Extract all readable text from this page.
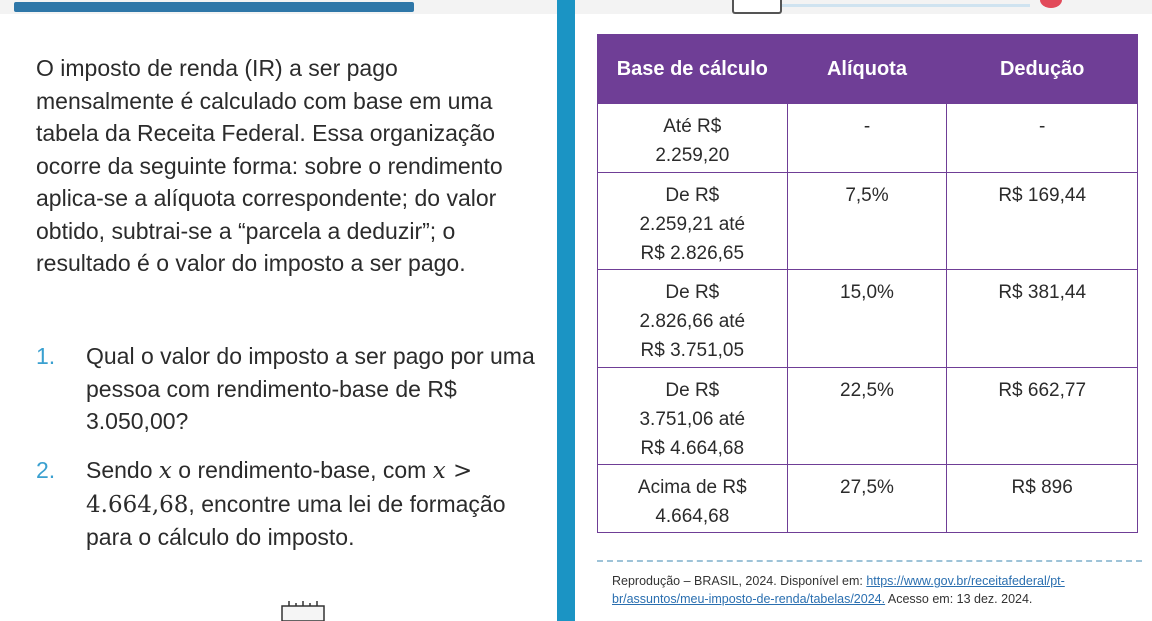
O imposto de renda (IR) a ser pago mensalmente é calculado com base em uma tabela da Receita Federal. Essa organização ocorre da seguinte forma: sobre o rendimento aplica-se a alíquota correspondente; do valor obtido, subtrai-se a “parcela a deduzir”; o resultado é o valor do imposto a ser pago.

1. Qual o valor do imposto a ser pago por uma pessoa com rendimento-base de R$ 3.050,00?
2. Sendo x o rendimento-base, com x > 4.664,68, encontre uma lei de formação para o cálculo do imposto.
Base de cálculo	Alíquota	Dedução
Até R$
2.259,20	-	-
De R$
2.259,21 até
R$ 2.826,65	7,5%	R$ 169,44
De R$
2.826,66 até
R$ 3.751,05	15,0%	R$ 381,44
De R$
3.751,06 até
R$ 4.664,68	22,5%	R$ 662,77
Acima de R$
4.664,68	27,5%	R$ 896
Reprodução – BRASIL, 2024. Disponível em: https://www.gov.br/receitafederal/pt-
br/assuntos/meu-imposto-de-renda/tabelas/2024. Acesso em: 13 dez. 2024.
